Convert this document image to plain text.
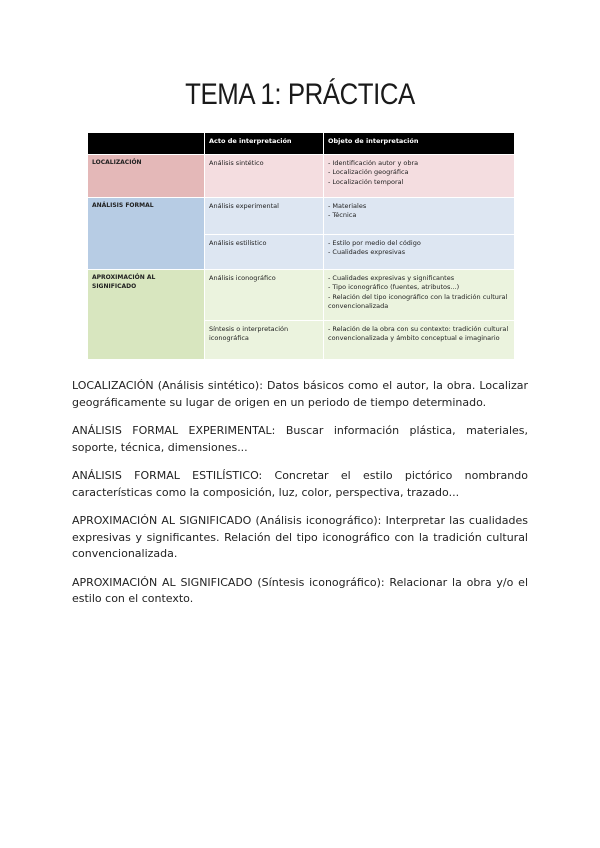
TEMA 1: PRÁCTICA
	Acto de interpretación	Objeto de interpretación
LOCALIZACIÓN	Análisis sintético	- Identificación autor y obra
- Localización geográfica
- Localización temporal

ANÁLISIS FORMAL	Análisis experimental	- Materiales
- Técnica

	Análisis estilístico	- Estilo por medio del código
- Cualidades expresivas

APROXIMACIÓN AL SIGNIFICADO	Análisis iconográfico	- Cualidades expresivas y significantes
- Tipo iconográfico (fuentes, atributos...)
- Relación del tipo iconográfico con la tradición cultural convencionalizada

	Síntesis o interpretación iconográfica	- Relación de la obra con su contexto: tradición cultural convencionalizada y ámbito conceptual e imaginario

LOCALIZACIÓN (Análisis sintético): Datos básicos como el autor, la obra. Localizar geográficamente su lugar de origen en un periodo de tiempo determinado.

ANÁLISIS FORMAL EXPERIMENTAL: Buscar información plástica, materiales, soporte, técnica, dimensiones...

ANÁLISIS FORMAL ESTILÍSTICO: Concretar el estilo pictórico nombrando características como la composición, luz, color, perspectiva, trazado...

APROXIMACIÓN AL SIGNIFICADO (Análisis iconográfico): Interpretar las cualidades expresivas y significantes. Relación del tipo iconográfico con la tradición cultural convencionalizada.

APROXIMACIÓN AL SIGNIFICADO (Síntesis iconográfico): Relacionar la obra y/o el estilo con el contexto.
